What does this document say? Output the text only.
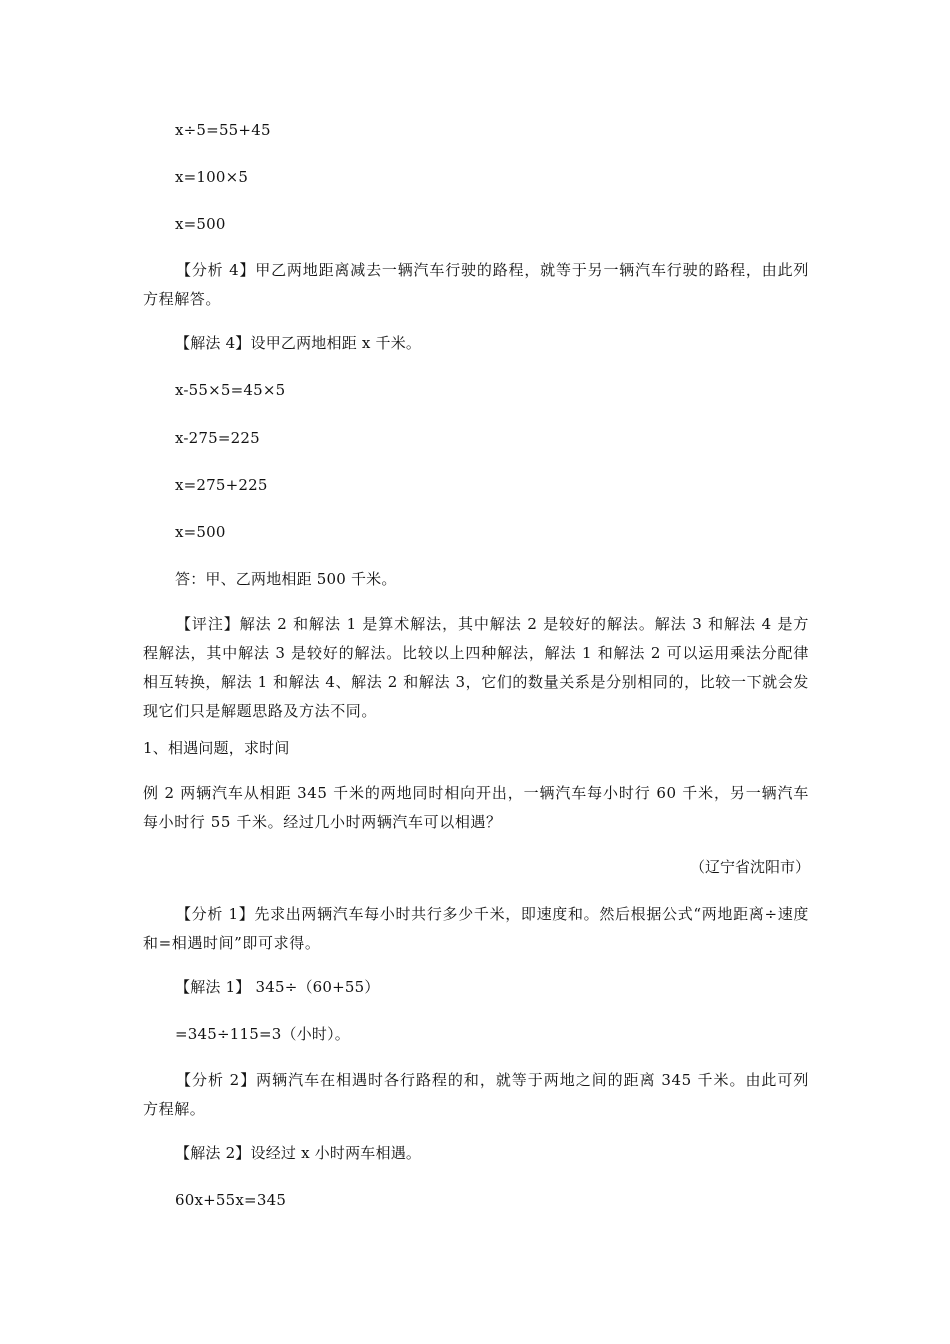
x÷5=55+45
x=100×5
x=500
【分析 4】甲乙两地距离减去一辆汽车行驶的路程，就等于另一辆汽车行驶的路程，由此列方程解答。
【解法 4】设甲乙两地相距 x 千米。
x-55×5=45×5
x-275=225
x=275+225
x=500
答：甲、乙两地相距 500 千米。
【评注】解法 2 和解法 1 是算术解法，其中解法 2 是较好的解法。解法 3 和解法 4 是方程解法，其中解法 3 是较好的解法。比较以上四种解法，解法 1 和解法 2 可以运用乘法分配律相互转换，解法 1 和解法 4、解法 2 和解法 3，它们的数量关系是分别相同的，比较一下就会发现它们只是解题思路及方法不同。
1、相遇问题，求时间
例 2 两辆汽车从相距 345 千米的两地同时相向开出，一辆汽车每小时行 60 千米，另一辆汽车每小时行 55 千米。经过几小时两辆汽车可以相遇？
（辽宁省沈阳市）
【分析 1】先求出两辆汽车每小时共行多少千米，即速度和。然后根据公式“两地距离÷速度和=相遇时间”即可求得。
【解法 1】 345÷（60+55）
=345÷115=3（小时）。
【分析 2】两辆汽车在相遇时各行路程的和，就等于两地之间的距离 345 千米。由此可列方程解。
【解法 2】设经过 x 小时两车相遇。
60x+55x=345
